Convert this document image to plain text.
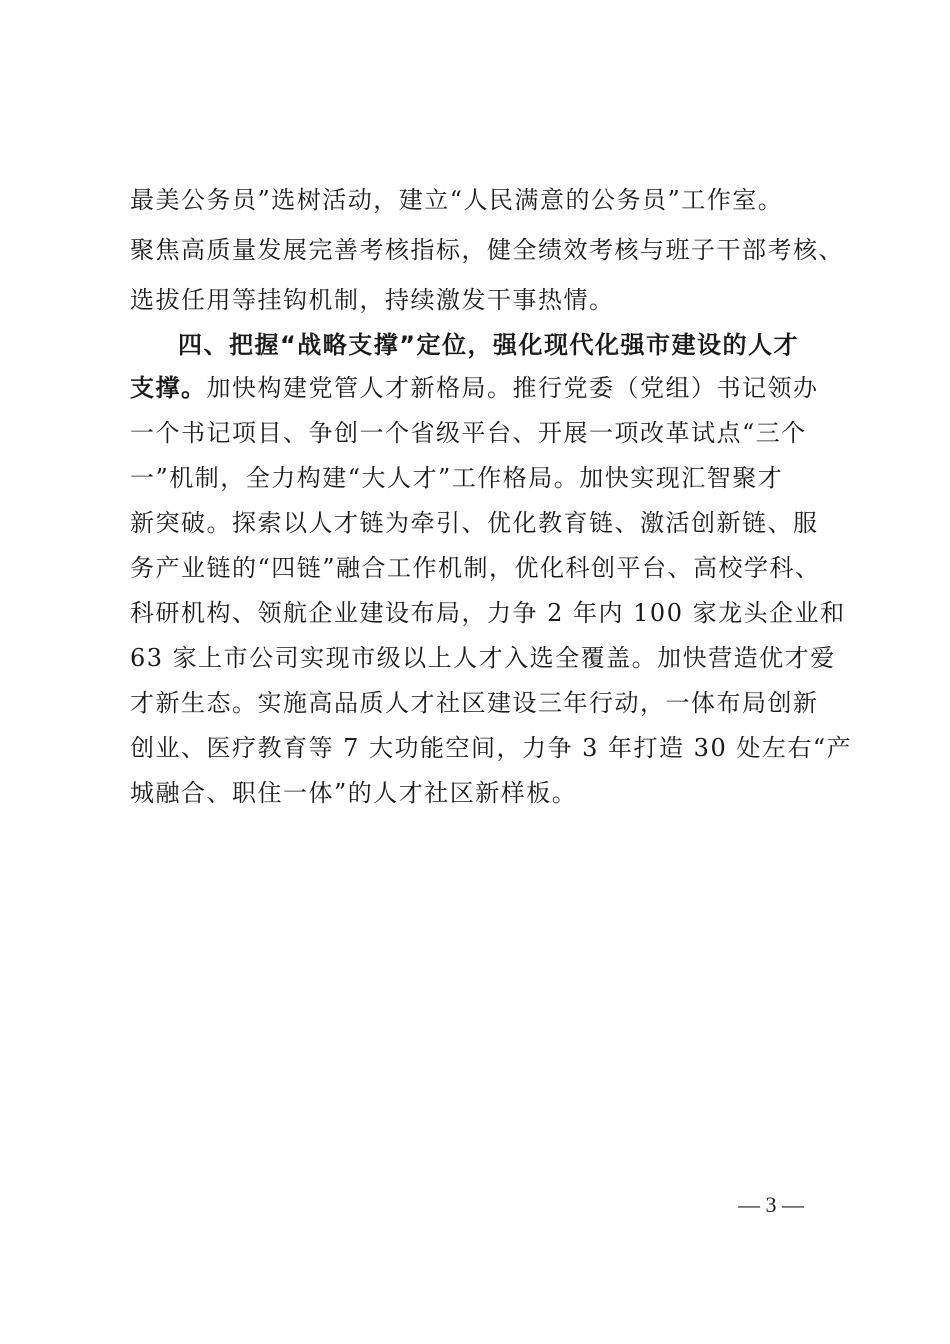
最美公务员”选树活动，建立“人民满意的公务员”工作室。
聚焦高质量发展完善考核指标，健全绩效考核与班子干部考核、
选拔任用等挂钩机制，持续激发干事热情。
四、把握“战略支撑”定位，强化现代化强市建设的人才
支撑。加快构建党管人才新格局。推行党委（党组）书记领办
一个书记项目、争创一个省级平台、开展一项改革试点“三个
一”机制，全力构建“大人才”工作格局。加快实现汇智聚才
新突破。探索以人才链为牵引、优化教育链、激活创新链、服
务产业链的“四链”融合工作机制，优化科创平台、高校学科、
科研机构、领航企业建设布局，力争 2 年内 100 家龙头企业和
63 家上市公司实现市级以上人才入选全覆盖。加快营造优才爱
才新生态。实施高品质人才社区建设三年行动，一体布局创新
创业、医疗教育等 7 大功能空间，力争 3 年打造 30 处左右“产
城融合、职住一体”的人才社区新样板。
— 3 —
